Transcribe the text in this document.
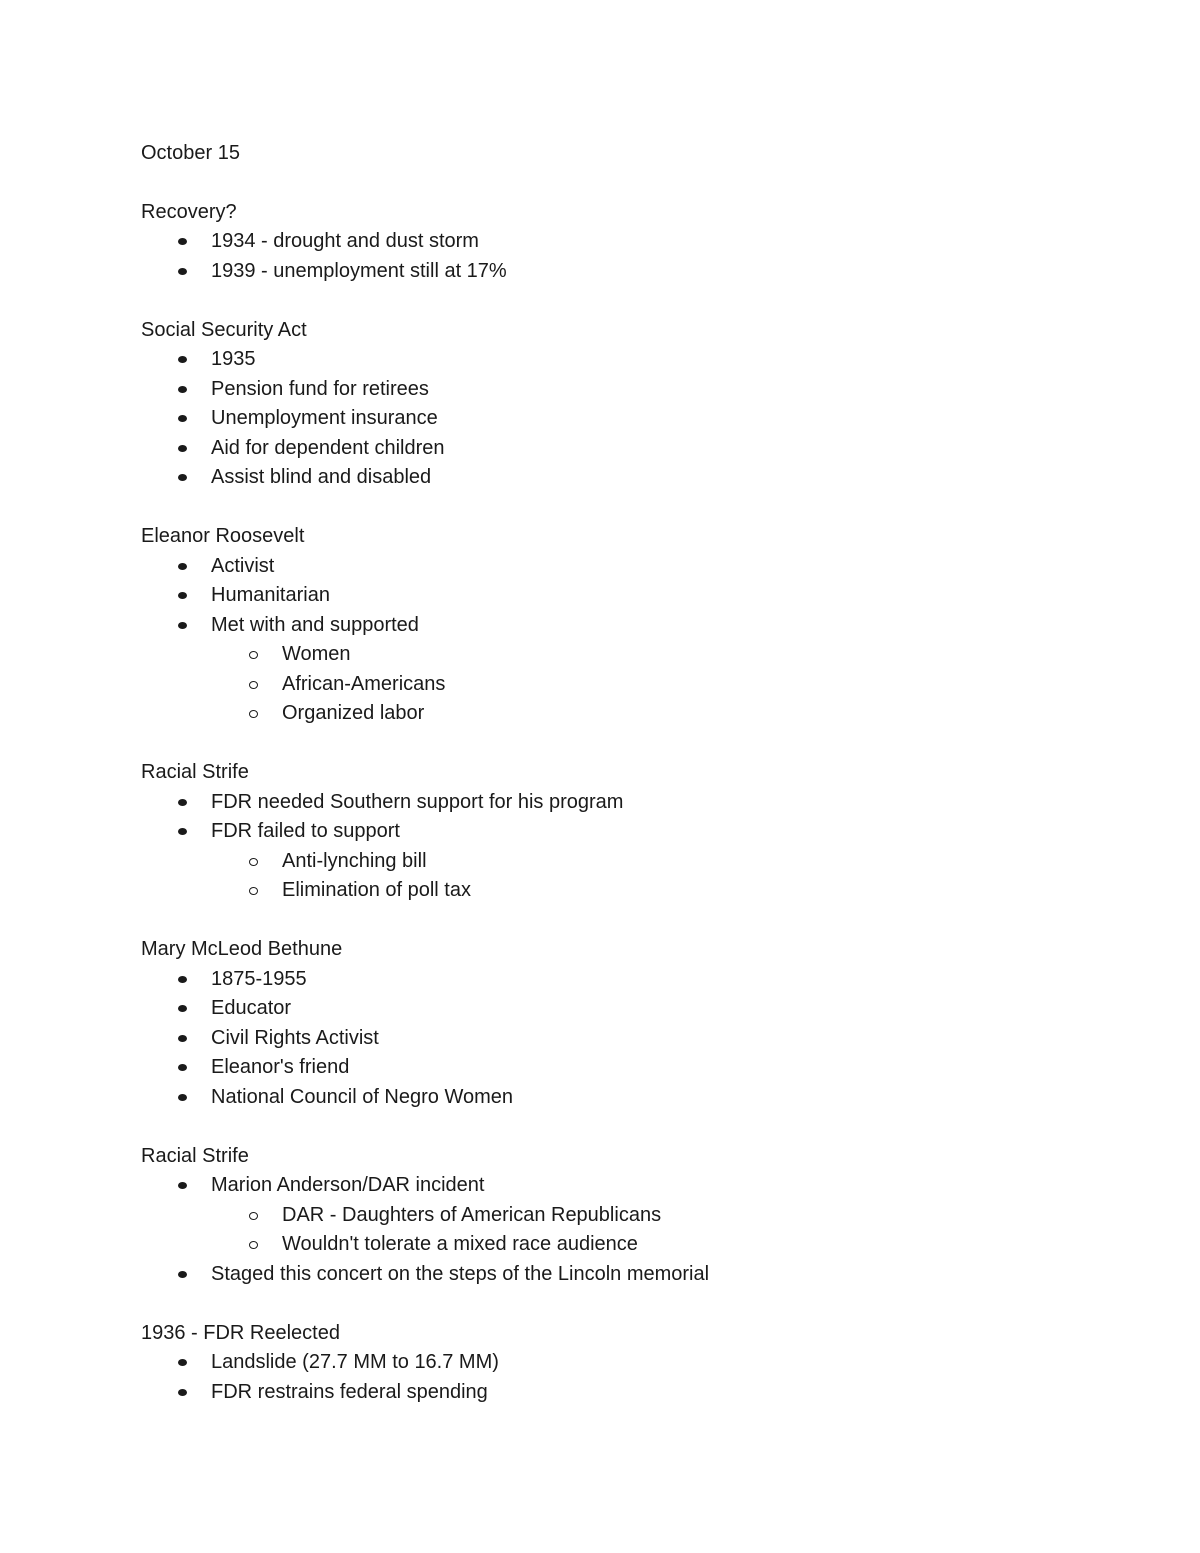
October 15
Recovery?
1934 - drought and dust storm
1939 - unemployment still at 17%
Social Security Act
1935
Pension fund for retirees
Unemployment insurance
Aid for dependent children
Assist blind and disabled
Eleanor Roosevelt
Activist
Humanitarian
Met with and supported
Women
African-Americans
Organized labor
Racial Strife
FDR needed Southern support for his program
FDR failed to support
Anti-lynching bill
Elimination of poll tax
Mary McLeod Bethune
1875-1955
Educator
Civil Rights Activist
Eleanor's friend
National Council of Negro Women
Racial Strife
Marion Anderson/DAR incident
DAR - Daughters of American Republicans
Wouldn't tolerate a mixed race audience
Staged this concert on the steps of the Lincoln memorial
1936 - FDR Reelected
Landslide (27.7 MM to 16.7 MM)
FDR restrains federal spending
